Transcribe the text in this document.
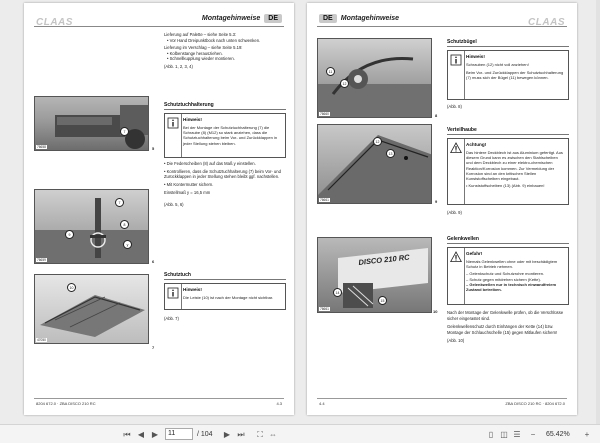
CLAAS	Montagehinweise	DE
Lieferung auf Palette – siehe Seite 5.3:
• Vor Hand Dreipunktbock nach unten schwenken.
Lieferung im Verschlag – siehe Seite 5.19:
• Kolbenstange herausziehen.
• Schnellkupplung wieder montieren.
(Abb. 1, 2, 3, 4)
7
76658	5
Schutztuchhalterung
Hinweis!
Bei der Montage der Schutztuchhalterung (7) die Schraube (8) (M12) so stark anziehen, dass die Schutztuchhalterung beim Vor- und Zurückklappen in jeder Stellung stehen bleiben.
• Die Federscheiben (8) auf das Maß y einstellen.
• Kontrollieren, dass die Schutztuchhalterung (7) beim Vor- und Zurückklappen in jeder Stellung stehen bleibt ggf. nachstellen.
• Mit Kontermutter sichern.
Einstellmaß y = 16,5 mm
(Abb. 5, 6)
7
8
9
y
76659	6
Schutztuch
Hinweis!
Die Leiste (10) ist nach der Montage nicht sichtbar.
(Abb. 7)
10
47050
7
8204 672.0 · ZBA DISCO 210 RC	4.3
DE	Montagehinweise	CLAAS
11
12
76660	8
Schutzbügel
Hinweis!
Schrauben (12) nicht voll anziehen!
Beim Vor- und Zurückklappen der Schutztuchhalterung (7) muss sich der Bügel (11) bewegen können.
(Abb. 8)
12
13
76661	9
Verteilhaube
Achtung!
Das hintere Deckblech ist aus Aluminium gefertigt. Aus diesem Grund kann es zwischen den Stahlscheiben und dem Deckblech zu einer elektro-chemischen Reaktion/Korrosion kommen. Zur Vermeidung der Korrosion sind an den kritischen Stellen Kunststoffscheiben eingebaut.
• Kunststoffscheiben (13) (Abb. 9) einbauen!
(Abb. 9)
DISCO 210 RC
14
15
76661	10
Gelenkwellen
Gefahr!
Niemals Gelenkwellen ohne oder mit beschädigtem Schutz in Betrieb nehmen.
– Gelenkschutz und Schutzrohre montieren.
– Schutz gegen mitdrehen sichern (Kette).
– Gelenkwellen nur in technisch einwandfreiem Zustand betreiben.
Nach der Montage der Gelenkwelle prüfen, ob die Verschlüsse sicher eingerastet sind.
Gelenkwellenschutz durch Einhängen der Kette (14) bzw. Montage der Schlauchschelle (15) gegen Mitlaufen sichern!
(Abb. 10)
4.4	ZBA DISCO 210 RC · 8204 672.0
⏮ ◀ ▶	11	/ 104 ▶ ⏭ ⛶ ⇔	▯ ◫ ☰	−	65.42%	+
